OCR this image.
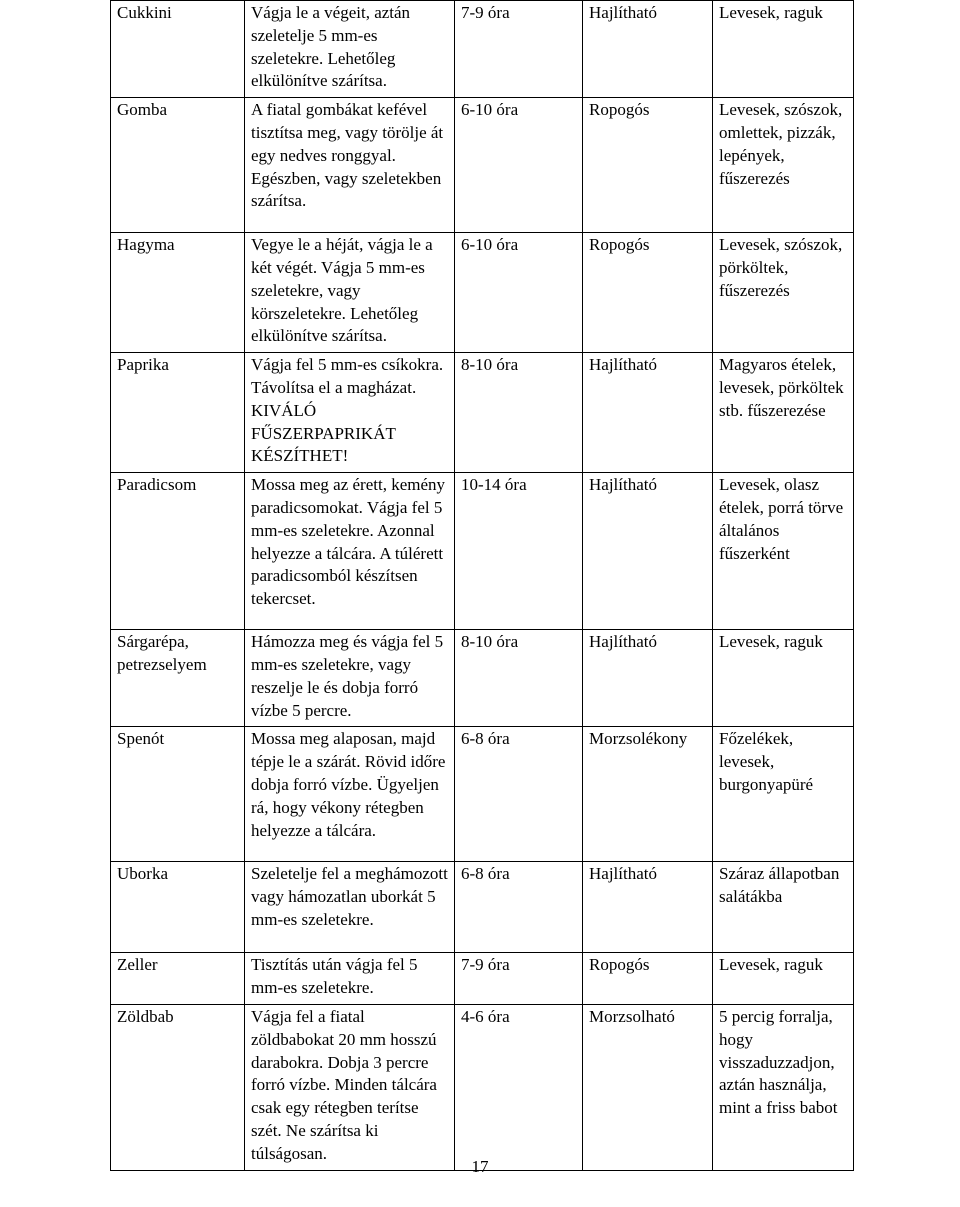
Cukkini	Vágja le a végeit, aztán szeletelje 5 mm-es szeletekre. Lehetőleg elkülönítve szárítsa.	7-9 óra	Hajlítható	Levesek, raguk
Gomba	A fiatal gombákat kefével tisztítsa meg, vagy törölje át egy nedves ronggyal. Egészben, vagy szeletekben szárítsa.	6-10 óra	Ropogós	Levesek, szószok, omlettek, pizzák, lepények, fűszerezés
Hagyma	Vegye le a héját, vágja le a két végét. Vágja 5 mm-es szeletekre, vagy körszeletekre. Lehetőleg elkülönítve szárítsa.	6-10 óra	Ropogós	Levesek, szószok, pörköltek, fűszerezés
Paprika	Vágja fel 5 mm-es csíkokra. Távolítsa el a magházat. KIVÁLÓ FŰSZERPAPRIKÁT KÉSZÍTHET!	8-10 óra	Hajlítható	Magyaros ételek, levesek, pörköltek stb. fűszerezése
Paradicsom	Mossa meg az érett, kemény paradicsomokat. Vágja fel 5 mm-es szeletekre. Azonnal helyezze a tálcára. A túlérett paradicsomból készítsen tekercset.	10-14 óra	Hajlítható	Levesek, olasz ételek, porrá törve általános fűszerként
Sárgarépa, petrezselyem	Hámozza meg és vágja fel 5 mm-es szeletekre, vagy reszelje le és dobja forró vízbe 5 percre.	8-10 óra	Hajlítható	Levesek, raguk
Spenót	Mossa meg alaposan, majd tépje le a szárát. Rövid időre dobja forró vízbe. Ügyeljen rá, hogy vékony rétegben helyezze a tálcára.	6-8 óra	Morzsolékony	Főzelékek, levesek, burgonyapüré
Uborka	Szeletelje fel a meghámozott vagy hámozatlan uborkát 5 mm-es szeletekre.	6-8 óra	Hajlítható	Száraz állapotban salátákba
Zeller	Tisztítás után vágja fel 5 mm-es szeletekre.	7-9 óra	Ropogós	Levesek, raguk
Zöldbab	Vágja fel a fiatal zöldbabokat 20 mm hosszú darabokra. Dobja 3 percre forró vízbe. Minden tálcára csak egy rétegben terítse szét. Ne szárítsa ki túlságosan.	4-6 óra	Morzsolható	5 percig forralja, hogy visszaduzzadjon, aztán használja, mint a friss babot
17
